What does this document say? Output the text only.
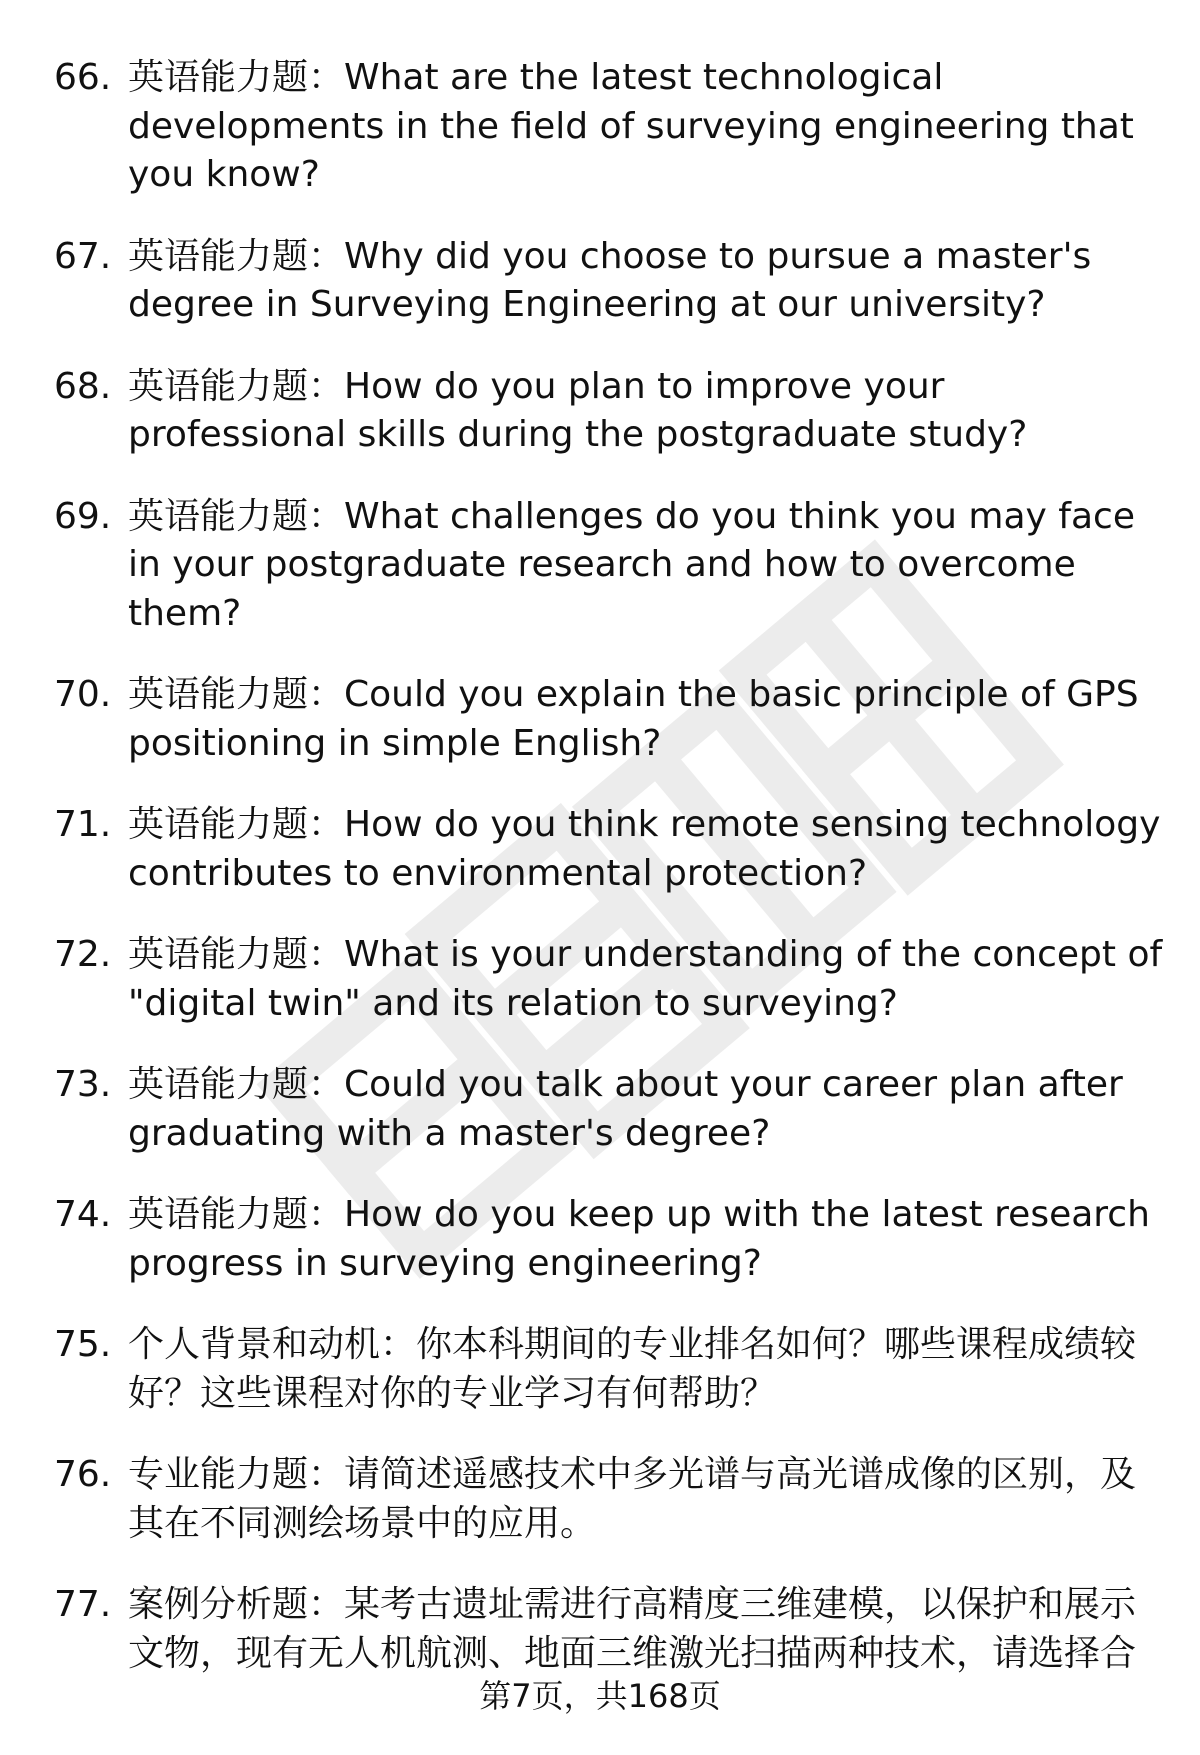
66. 英语能力题：What are the latest technological developments in the field of surveying engineering that you know?
67. 英语能力题：Why did you choose to pursue a master's degree in Surveying Engineering at our university?
68. 英语能力题：How do you plan to improve your professional skills during the postgraduate study?
69. 英语能力题：What challenges do you think you may face in your postgraduate research and how to overcome them?
70. 英语能力题：Could you explain the basic principle of GPS positioning in simple English?
71. 英语能力题：How do you think remote sensing technology contributes to environmental protection?
72. 英语能力题：What is your understanding of the concept of "digital twin" and its relation to surveying?
73. 英语能力题：Could you talk about your career plan after graduating with a master's degree?
74. 英语能力题：How do you keep up with the latest research progress in surveying engineering?
75. 个人背景和动机：你本科期间的专业排名如何？哪些课程成绩较好？这些课程对你的专业学习有何帮助？
76. 专业能力题：请简述遥感技术中多光谱与高光谱成像的区别，及其在不同测绘场景中的应用。
77. 案例分析题：某考古遗址需进行高精度三维建模，以保护和展示文物，现有无人机航测、地面三维激光扫描两种技术，请选择合
第7页，共168页
